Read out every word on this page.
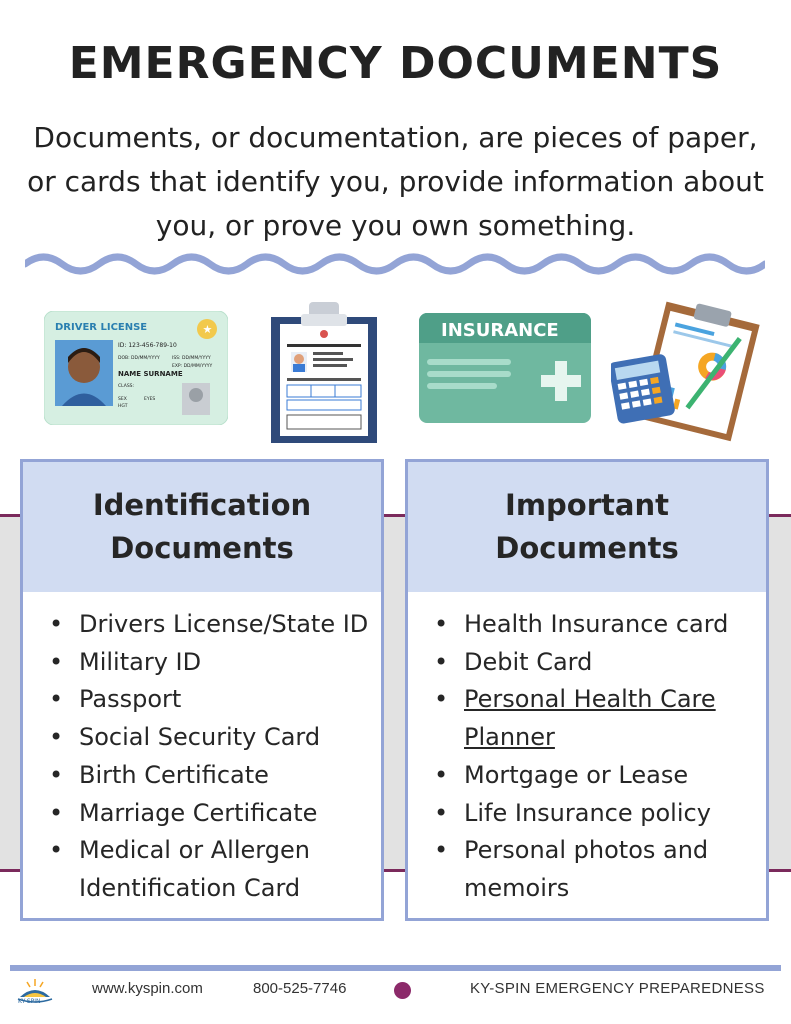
EMERGENCY DOCUMENTS
Documents, or documentation, are pieces of paper, or cards that identify you, provide information about you, or prove you own something.
DRIVER LICENSE	★
ID: 123-456-789-10
DOB: DD/MM/YYYY	ISS: DD/MM/YYYY
EXP: DD/MM/YYYY
NAME SURNAME
CLASS:
SEX
HGT
EYES
INSURANCE
Identification
Documents
• Drivers License/State ID
• Military ID
• Passport
• Social Security Card
• Birth Certificate
• Marriage Certificate
• Medical or Allergen Identification Card
Important
Documents
• Health Insurance card
• Debit Card
• Personal Health Care Planner
• Mortgage or Lease
• Life Insurance policy
• Personal photos and memoirs
KY-SPIN
www.kyspin.com	800-525-7746	KY-SPIN EMERGENCY PREPAREDNESS
